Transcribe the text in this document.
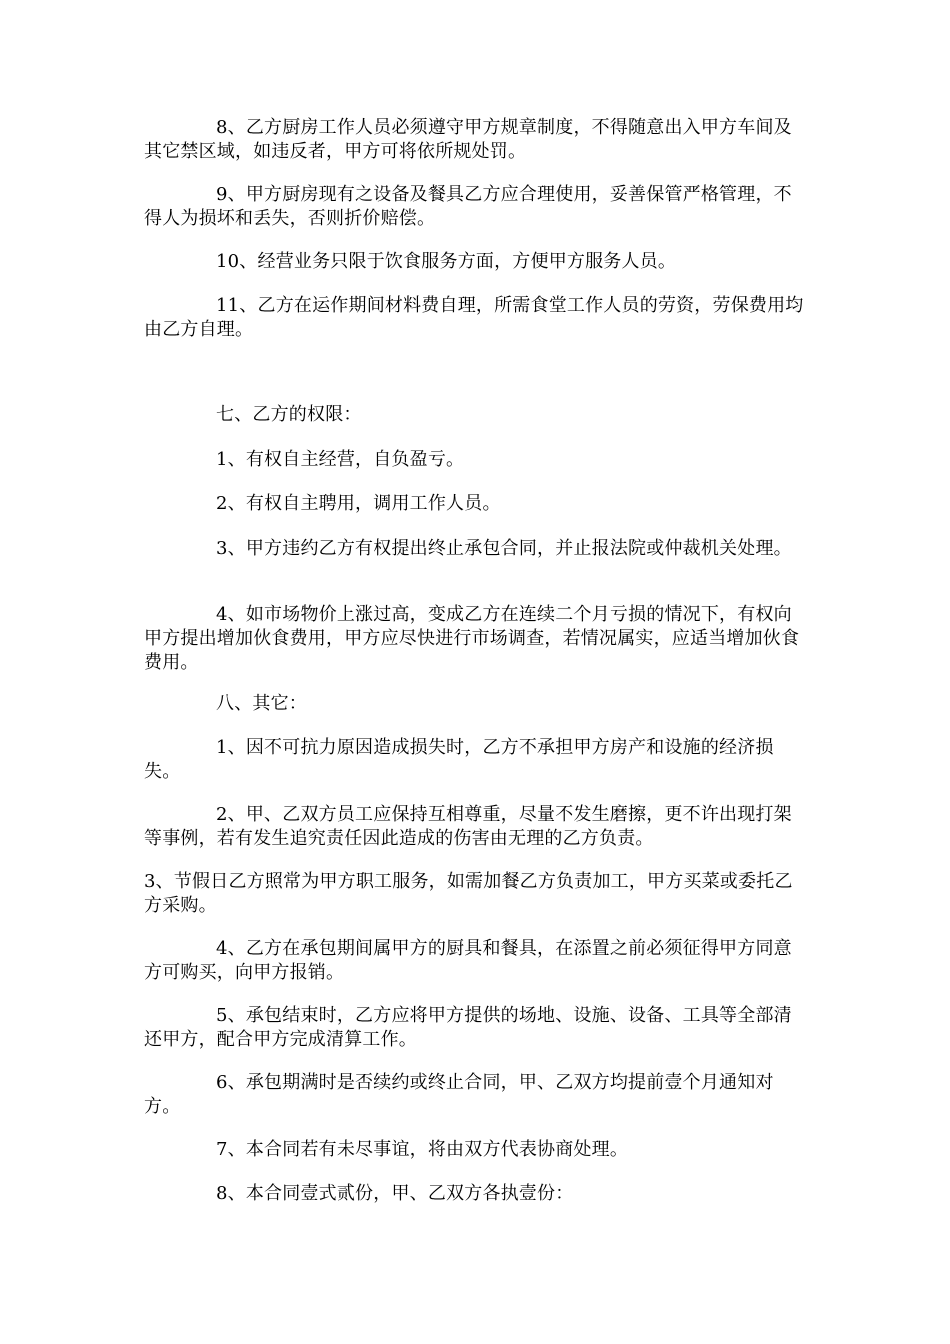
8、乙方厨房工作人员必须遵守甲方规章制度，不得随意出入甲方车间及其它禁区域，如违反者，甲方可将依所规处罚。

9、甲方厨房现有之设备及餐具乙方应合理使用，妥善保管严格管理，不得人为损坏和丢失，否则折价赔偿。

10、经营业务只限于饮食服务方面，方便甲方服务人员。

11、乙方在运作期间材料费自理，所需食堂工作人员的劳资，劳保费用均由乙方自理。

七、乙方的权限：

1、有权自主经营，自负盈亏。

2、有权自主聘用，调用工作人员。

3、甲方违约乙方有权提出终止承包合同，并止报法院或仲裁机关处理。

4、如市场物价上涨过高，变成乙方在连续二个月亏损的情况下，有权向甲方提出增加伙食费用，甲方应尽快进行市场调查，若情况属实，应适当增加伙食费用。

八、其它：

1、因不可抗力原因造成损失时，乙方不承担甲方房产和设施的经济损失。

2、甲、乙双方员工应保持互相尊重，尽量不发生磨擦，更不许出现打架等事例，若有发生追究责任因此造成的伤害由无理的乙方负责。

3、节假日乙方照常为甲方职工服务，如需加餐乙方负责加工，甲方买菜或委托乙方采购。

4、乙方在承包期间属甲方的厨具和餐具，在添置之前必须征得甲方同意方可购买，向甲方报销。

5、承包结束时，乙方应将甲方提供的场地、设施、设备、工具等全部清还甲方，配合甲方完成清算工作。

6、承包期满时是否续约或终止合同，甲、乙双方均提前壹个月通知对方。

7、本合同若有未尽事谊，将由双方代表协商处理。

8、本合同壹式贰份，甲、乙双方各执壹份：
